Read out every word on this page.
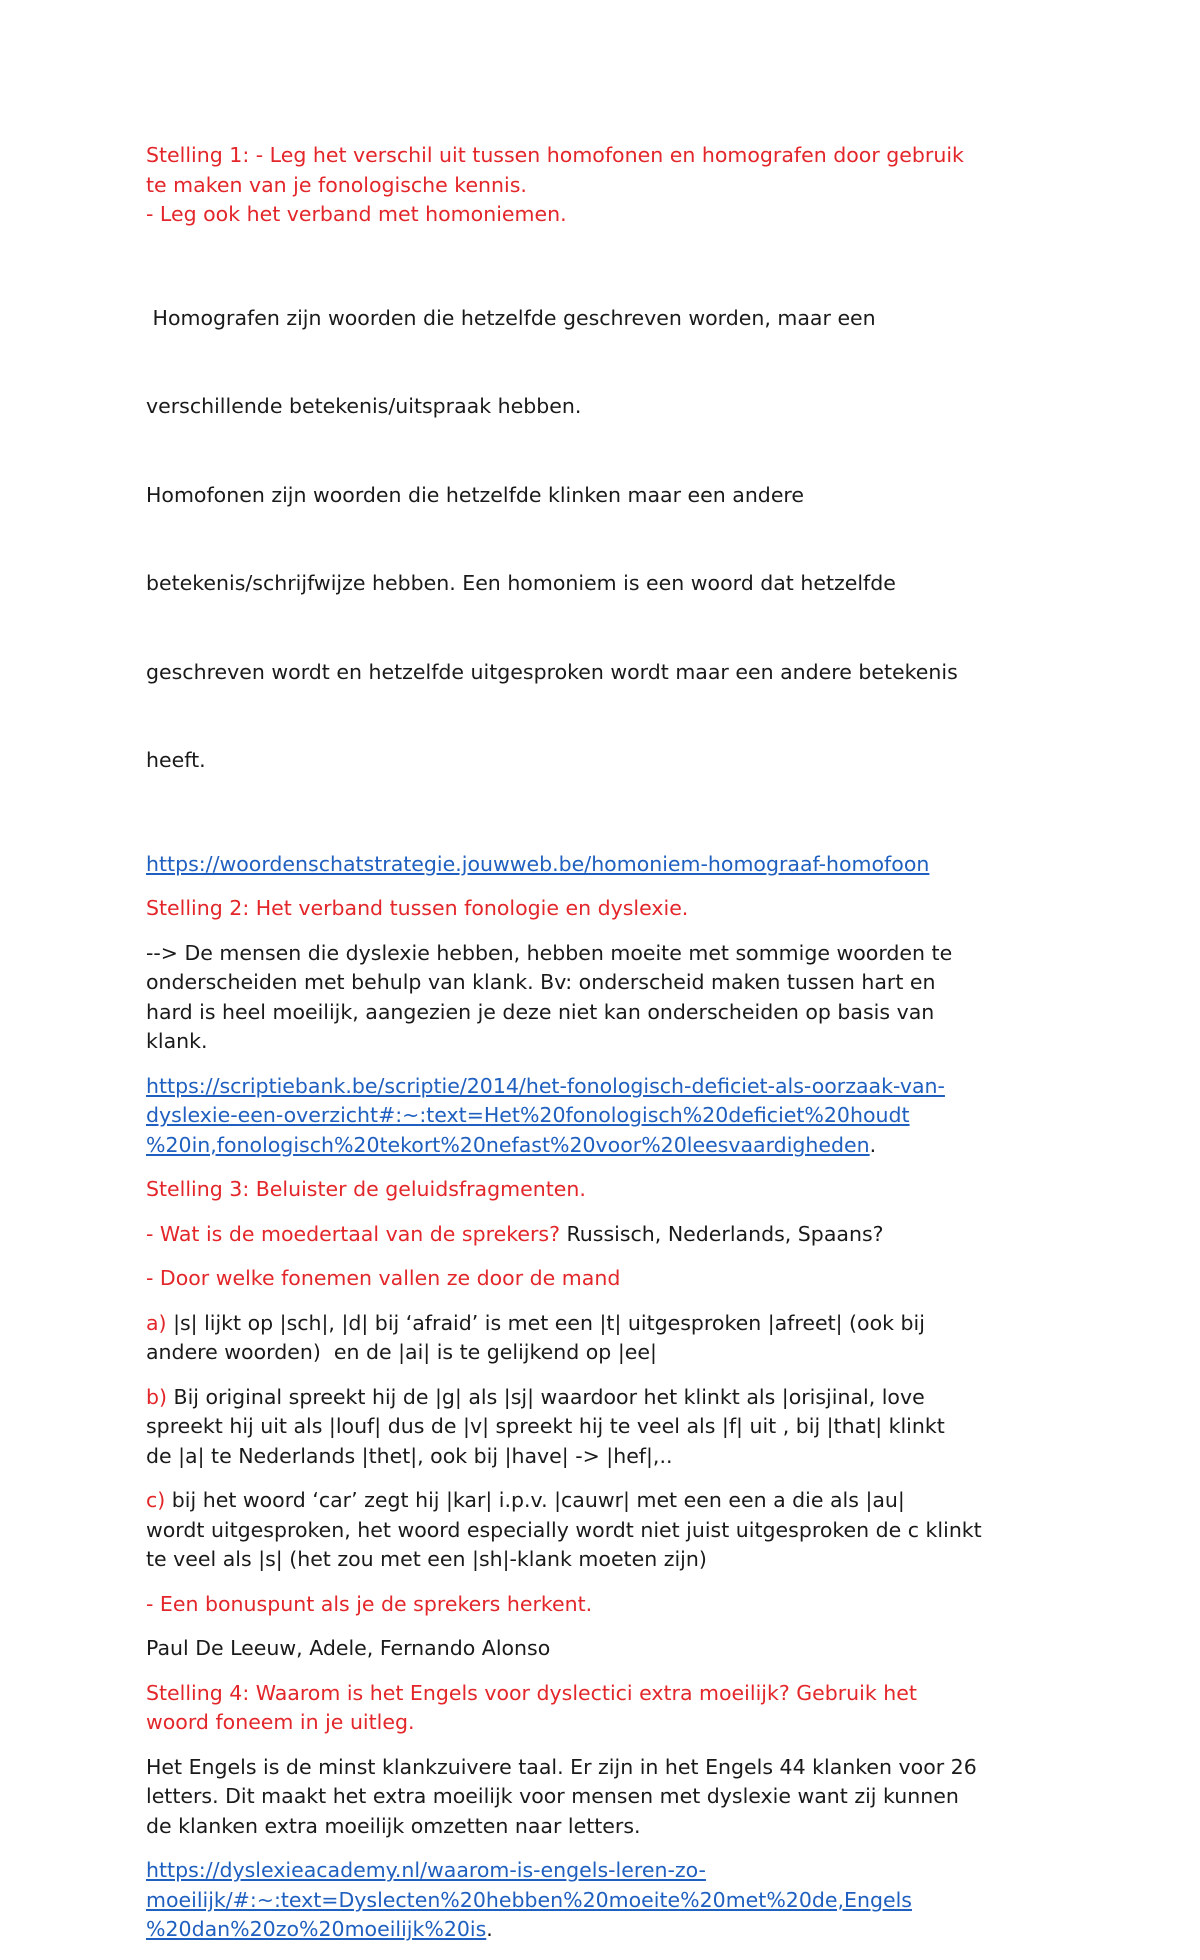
Stelling 1: - Leg het verschil uit tussen homofonen en homografen door gebruik
te maken van je fonologische kennis.
- Leg ook het verband met homoniemen.

Homografen zijn woorden die hetzelfde geschreven worden, maar een

verschillende betekenis/uitspraak hebben.

Homofonen zijn woorden die hetzelfde klinken maar een andere

betekenis/schrijfwijze hebben. Een homoniem is een woord dat hetzelfde

geschreven wordt en hetzelfde uitgesproken wordt maar een andere betekenis

heeft.

https://woordenschatstrategie.jouwweb.be/homoniem-homograaf-homofoon

Stelling 2: Het verband tussen fonologie en dyslexie.

--> De mensen die dyslexie hebben, hebben moeite met sommige woorden te
onderscheiden met behulp van klank. Bv: onderscheid maken tussen hart en
hard is heel moeilijk, aangezien je deze niet kan onderscheiden op basis van
klank.

https://scriptiebank.be/scriptie/2014/het-fonologisch-deficiet-als-oorzaak-van-
dyslexie-een-overzicht#:~:text=Het%20fonologisch%20deficiet%20houdt
%20in,fonologisch%20tekort%20nefast%20voor%20leesvaardigheden.

Stelling 3: Beluister de geluidsfragmenten.

- Wat is de moedertaal van de sprekers? Russisch, Nederlands, Spaans?

- Door welke fonemen vallen ze door de mand

a) |s| lijkt op |sch|, |d| bij ‘afraid’ is met een |t| uitgesproken |afreet| (ook bij
andere woorden)  en de |ai| is te gelijkend op |ee|

b) Bij original spreekt hij de |g| als |sj| waardoor het klinkt als |orisjinal, love
spreekt hij uit als |louf| dus de |v| spreekt hij te veel als |f| uit , bij |that| klinkt
de |a| te Nederlands |thet|, ook bij |have| -> |hef|,..

c) bij het woord ‘car’ zegt hij |kar| i.p.v. |cauwr| met een een a die als |au|
wordt uitgesproken, het woord especially wordt niet juist uitgesproken de c klinkt
te veel als |s| (het zou met een |sh|-klank moeten zijn)

- Een bonuspunt als je de sprekers herkent.

Paul De Leeuw, Adele, Fernando Alonso

Stelling 4: Waarom is het Engels voor dyslectici extra moeilijk? Gebruik het
woord foneem in je uitleg.

Het Engels is de minst klankzuivere taal. Er zijn in het Engels 44 klanken voor 26
letters. Dit maakt het extra moeilijk voor mensen met dyslexie want zij kunnen
de klanken extra moeilijk omzetten naar letters.

https://dyslexieacademy.nl/waarom-is-engels-leren-zo-
moeilijk/#:~:text=Dyslecten%20hebben%20moeite%20met%20de,Engels
%20dan%20zo%20moeilijk%20is.
